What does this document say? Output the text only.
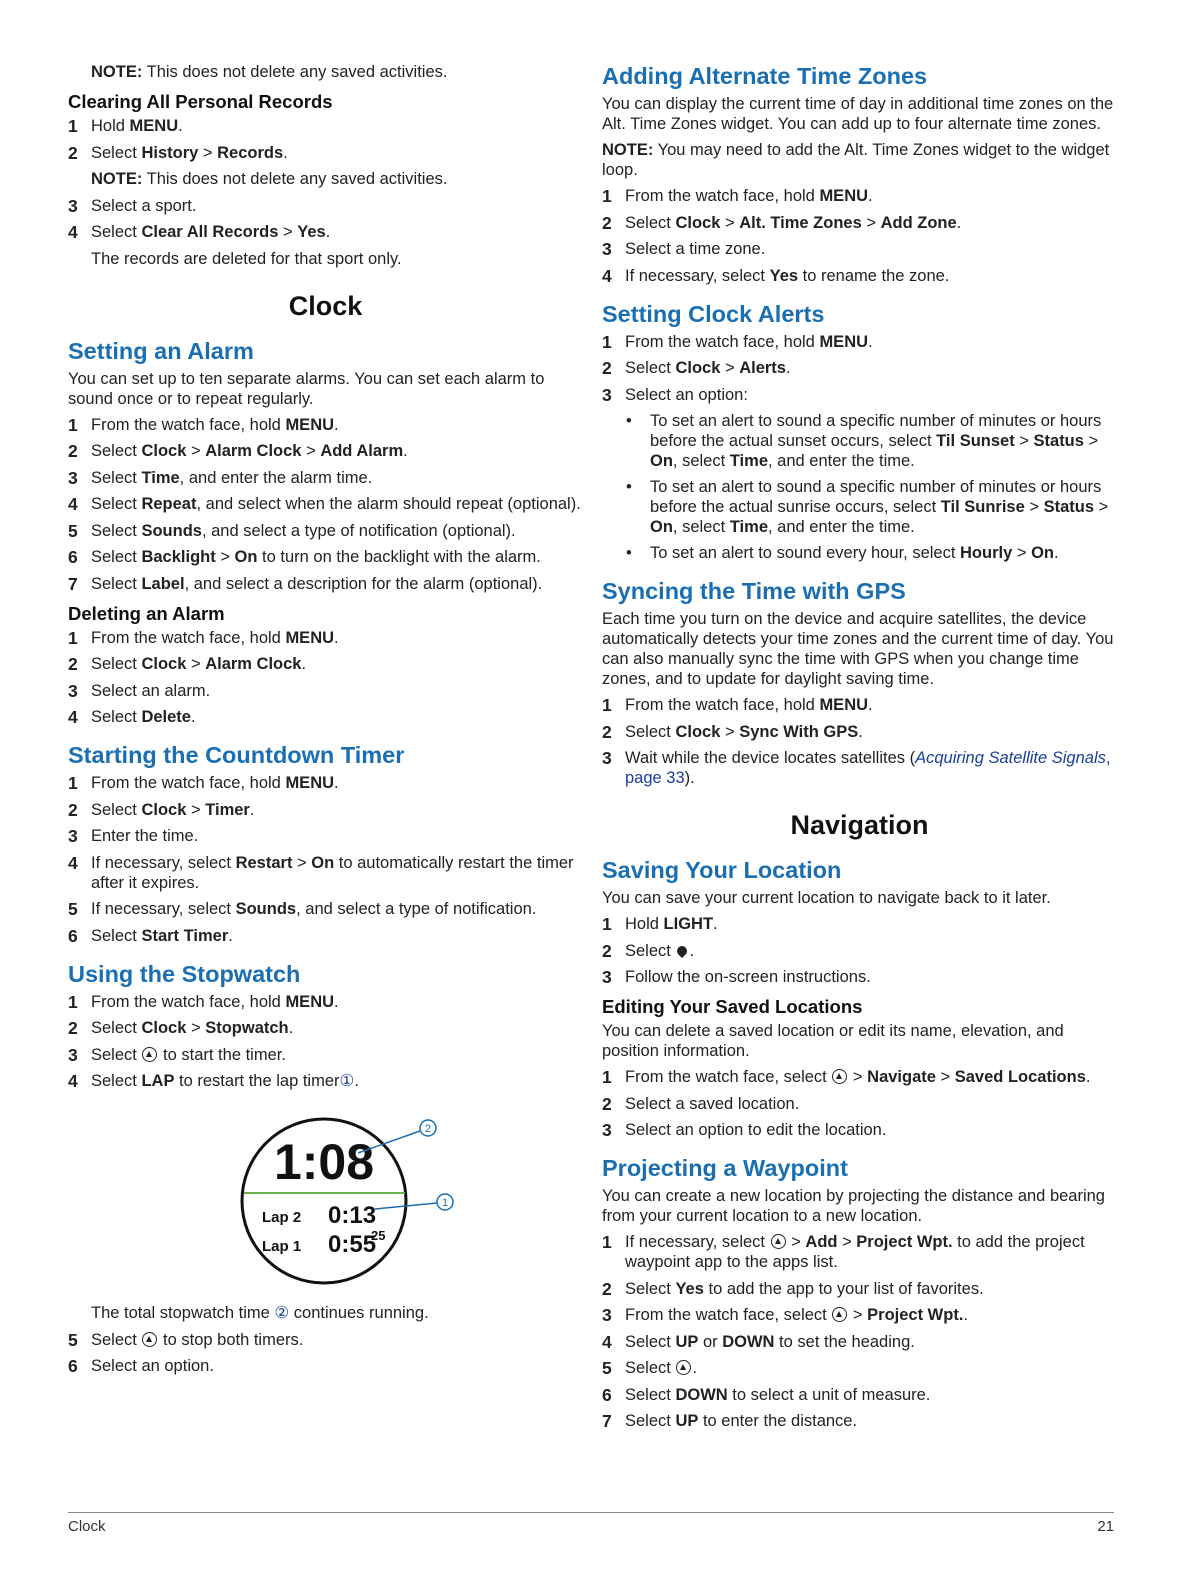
NOTE: This does not delete any saved activities.

Clearing All Personal Records
1 Hold MENU.
2 Select History > Records.

NOTE: This does not delete any saved activities.

3 Select a sport.
4 Select Clear All Records > Yes.

The records are deleted for that sport only.

Clock
Setting an Alarm

You can set up to ten separate alarms. You can set each alarm to sound once or to repeat regularly.

1 From the watch face, hold MENU.
2 Select Clock > Alarm Clock > Add Alarm.
3 Select Time, and enter the alarm time.
4 Select Repeat, and select when the alarm should repeat (optional).
5 Select Sounds, and select a type of notification (optional).
6 Select Backlight > On to turn on the backlight with the alarm.
7 Select Label, and select a description for the alarm (optional).
Deleting an Alarm
1 From the watch face, hold MENU.
2 Select Clock > Alarm Clock.
3 Select an alarm.
4 Select Delete.
Starting the Countdown Timer
1 From the watch face, hold MENU.
2 Select Clock > Timer.
3 Enter the time.
4 If necessary, select Restart > On to automatically restart the timer after it expires.
5 If necessary, select Sounds, and select a type of notification.
6 Select Start Timer.
Using the Stopwatch
1 From the watch face, hold MENU.
2 Select Clock > Stopwatch.
3 Select  to start the timer.
4 Select LAP to restart the lap timer①.
1:08
Lap 2 0:13
Lap 1 0:55
25
2
1

The total stopwatch time ② continues running.

5 Select  to stop both timers.
6 Select an option.
Adding Alternate Time Zones

You can display the current time of day in additional time zones on the Alt. Time Zones widget. You can add up to four alternate time zones.

NOTE: You may need to add the Alt. Time Zones widget to the widget loop.

1 From the watch face, hold MENU.
2 Select Clock > Alt. Time Zones > Add Zone.
3 Select a time zone.
4 If necessary, select Yes to rename the zone.
Setting Clock Alerts
1 From the watch face, hold MENU.
2 Select Clock > Alerts.
3 Select an option:
• To set an alert to sound a specific number of minutes or hours before the actual sunset occurs, select Til Sunset > Status > On, select Time, and enter the time.
• To set an alert to sound a specific number of minutes or hours before the actual sunrise occurs, select Til Sunrise > Status > On, select Time, and enter the time.
• To set an alert to sound every hour, select Hourly > On.
Syncing the Time with GPS

Each time you turn on the device and acquire satellites, the device automatically detects your time zones and the current time of day. You can also manually sync the time with GPS when you change time zones, and to update for daylight saving time.

1 From the watch face, hold MENU.
2 Select Clock > Sync With GPS.
3 Wait while the device locates satellites (Acquiring Satellite Signals, page 33).
Navigation
Saving Your Location

You can save your current location to navigate back to it later.

1 Hold LIGHT.
2 Select .
3 Follow the on-screen instructions.
Editing Your Saved Locations

You can delete a saved location or edit its name, elevation, and position information.

1 From the watch face, select  > Navigate > Saved Locations.
2 Select a saved location.
3 Select an option to edit the location.
Projecting a Waypoint

You can create a new location by projecting the distance and bearing from your current location to a new location.

1 If necessary, select  > Add > Project Wpt. to add the project waypoint app to the apps list.
2 Select Yes to add the app to your list of favorites.
3 From the watch face, select  > Project Wpt..
4 Select UP or DOWN to set the heading.
5 Select .
6 Select DOWN to select a unit of measure.
7 Select UP to enter the distance.
Clock	21
